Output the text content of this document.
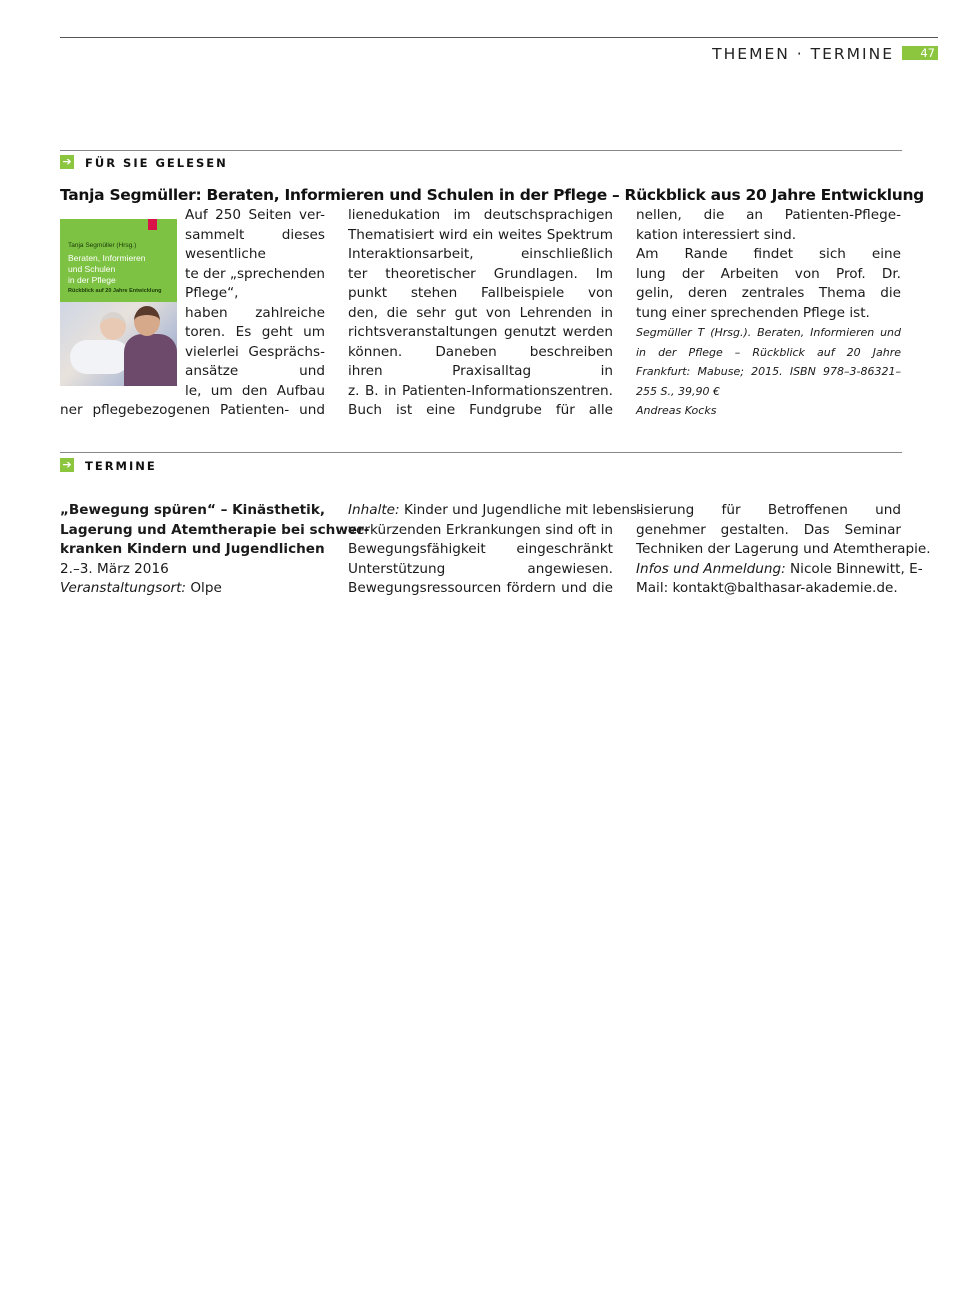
THEMEN · TERMINE	47
➔ FÜR SIE GELESEN
Tanja Segmüller: Beraten, Informieren und Schulen in der Pflege – Rückblick aus 20 Jahre Entwicklung
Tanja Segmüller (Hrsg.)
Beraten, Informieren
und Schulen
in der Pflege
Rückblick auf 20 Jahre Entwicklung
Auf 250 Seiten ver-
sammelt dieses
wesentliche
te der „sprechenden
Pflege“,
haben zahlreiche
toren. Es geht um
vielerlei Gesprächs-
ansätze und
le, um den Aufbau
ner pflegebezogenen Patienten- und
lienedukation im deutschsprachigen
Thematisiert wird ein weites Spektrum
Interaktionsarbeit, einschließlich
ter theoretischer Grundlagen. Im
punkt stehen Fallbeispiele von
den, die sehr gut von Lehrenden in
richtsveranstaltungen genutzt werden
können. Daneben beschreiben
ihren Praxisalltag in
z. B. in Patienten-Informationszentren.
Buch ist eine Fundgrube für alle
nellen, die an Patienten-Pflege-
kation interessiert sind.
Am Rande findet sich eine
lung der Arbeiten von Prof. Dr.
gelin, deren zentrales Thema die
tung einer sprechenden Pflege ist.
Segmüller T (Hrsg.). Beraten, Informieren und
in der Pflege – Rückblick auf 20 Jahre
Frankfurt: Mabuse; 2015. ISBN 978–3-86321–
255 S., 39,90 €
Andreas Kocks
➔ TERMINE
„Bewegung spüren“ – Kinästhetik,
Lagerung und Atemtherapie bei schwer-
kranken Kindern und Jugendlichen
2.–3. März 2016
Veranstaltungsort: Olpe
Inhalte: Kinder und Jugendliche mit lebens-
verkürzenden Erkrankungen sind oft in
Bewegungsfähigkeit eingeschränkt
Unterstützung angewiesen.
Bewegungsressourcen fördern und die
lisierung für Betroffenen und
genehmer gestalten. Das Seminar
Techniken der Lagerung und Atemtherapie.
Infos und Anmeldung: Nicole Binnewitt, E-
Mail: kontakt@balthasar-akademie.de.
